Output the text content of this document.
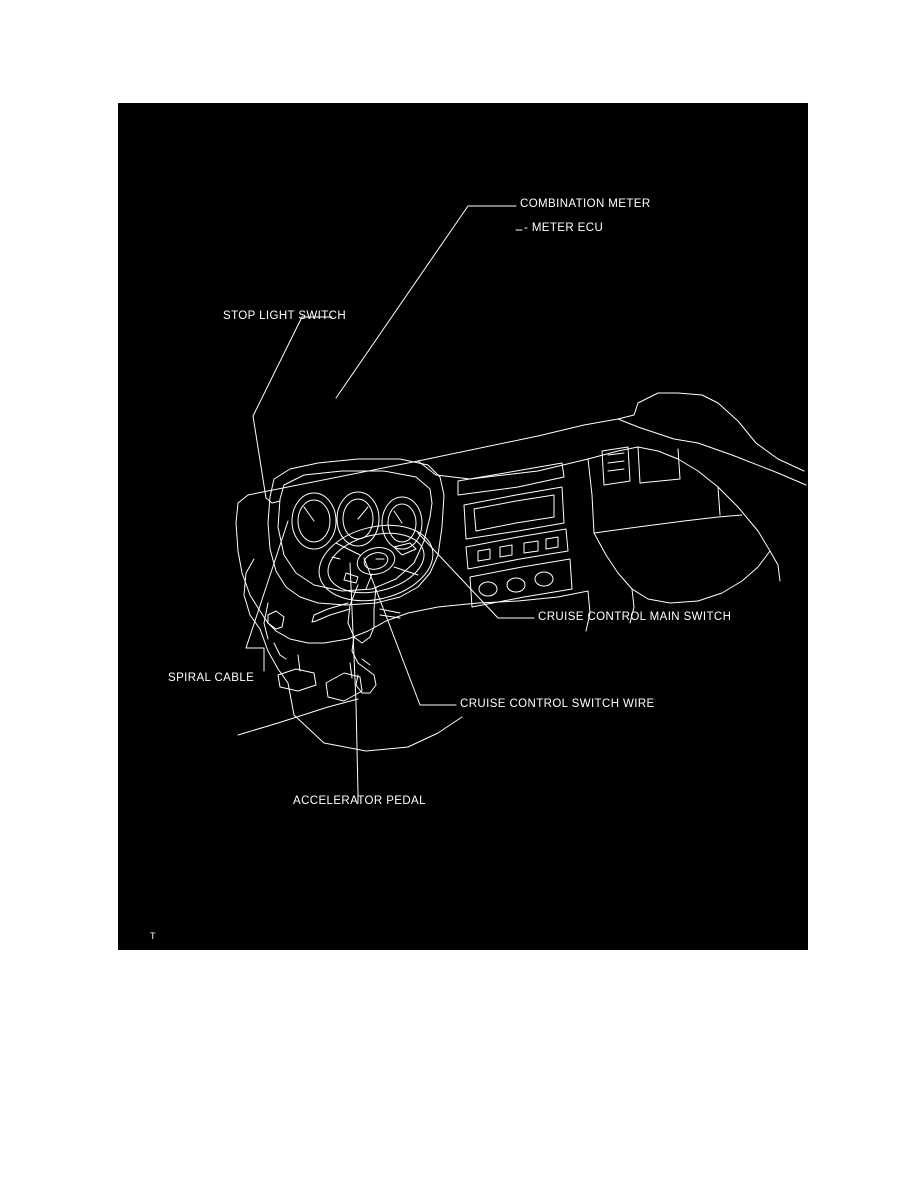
COMBINATION METER
- METER ECU
STOP LIGHT SWITCH
CRUISE CONTROL MAIN SWITCH
SPIRAL CABLE
CRUISE CONTROL SWITCH WIRE
ACCELERATOR PEDAL
T
